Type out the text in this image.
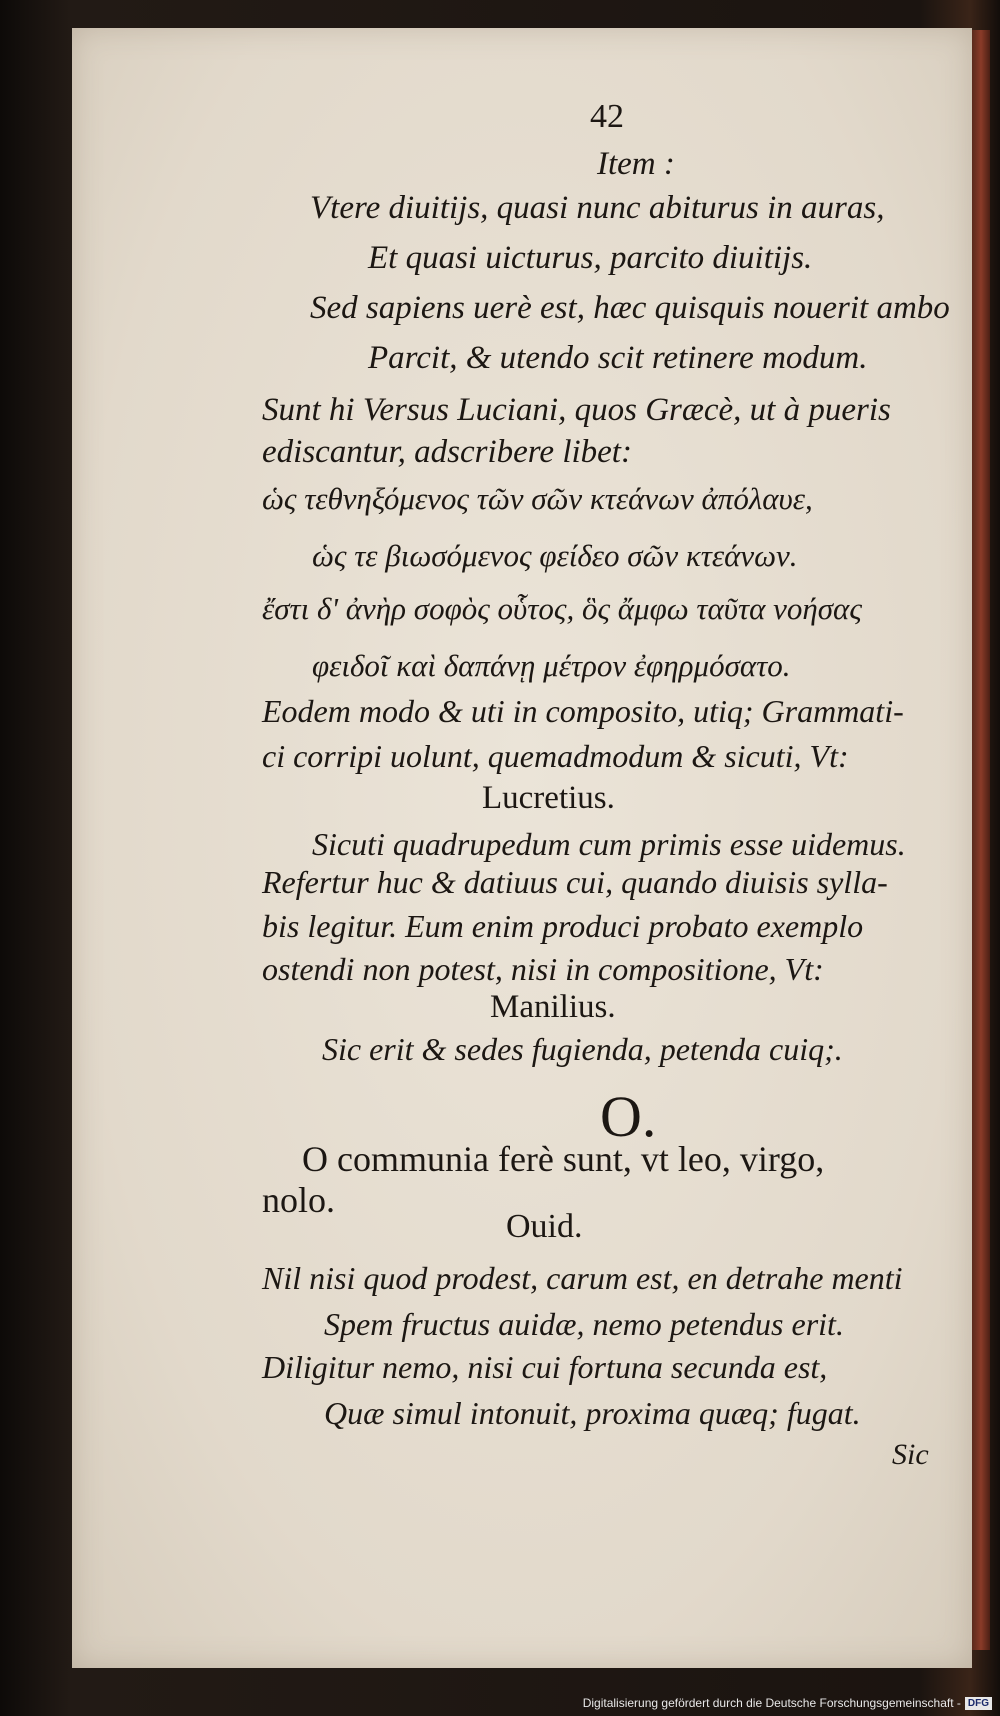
42
Item :
Vtere diuitijs, quasi nunc abiturus in auras,
Et quasi uicturus, parcito diuitijs.
Sed sapiens uerè est, hæc quisquis nouerit ambo
Parcit, & utendo scit retinere modum.
Sunt hi Versus Luciani, quos Græcè, ut à pueris
ediscantur, adscribere libet:
ὡς τεθνηξόμενος τῶν σῶν κτεάνων ἀπόλαυε,
ὡς τε βιωσόμενος φείδεο σῶν κτεάνων.
ἔστι δ' ἀνὴρ σοφὸς οὗτος, ὃς ἄμφω ταῦτα νοήσας
φειδοῖ καὶ δαπάνῃ μέτρον ἐφηρμόσατο.
Eodem modo & uti in composito, utiq; Grammati-
ci corripi uolunt, quemadmodum & sicuti, Vt:
Lucretius.
Sicuti quadrupedum cum primis esse uidemus.
Refertur huc & datiuus cui, quando diuisis sylla-
bis legitur. Eum enim produci probato exemplo
ostendi non potest, nisi in compositione, Vt:
Manilius.
Sic erit & sedes fugienda, petenda cuiq;.
O.
O communia ferè sunt, vt leo, virgo,
nolo.
Ouid.
Nil nisi quod prodest, carum est, en detrahe menti
Spem fructus auidæ, nemo petendus erit.
Diligitur nemo, nisi cui fortuna secunda est,
Quæ simul intonuit, proxima quæq; fugat.
Sic
Digitalisierung gefördert durch die Deutsche Forschungsgemeinschaft - DFG
